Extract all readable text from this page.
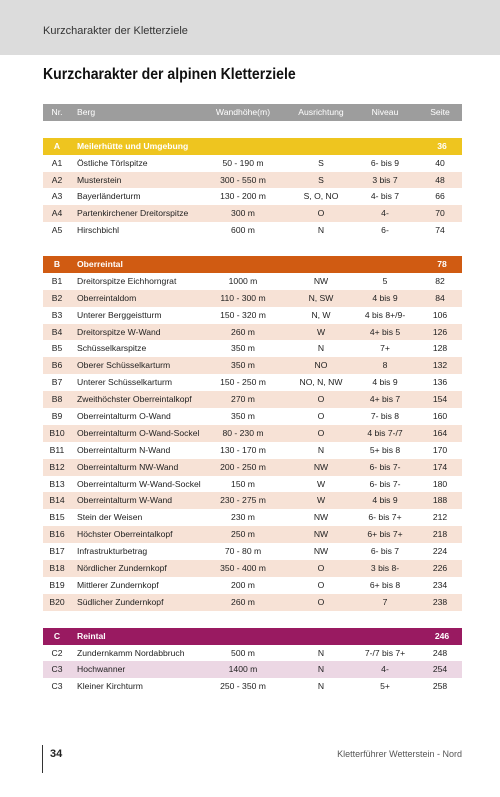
Kurzcharakter der Kletterziele
Kurzcharakter der alpinen Kletterziele
Nr.	Berg	Wandhöhe(m)	Ausrichtung	Niveau	Seite
A	Meilerhütte und Umgebung	36
A1	Östliche Törlspitze	50 - 190 m	S	6- bis 9	40
A2	Musterstein	300 - 550 m	S	3 bis 7	48
A3	Bayerländerturm	130 - 200 m	S, O, NO	4- bis 7	66
A4	Partenkirchener Dreitorspitze	300 m	O	4-	70
A5	Hirschbichl	600 m	N	6-	74
B	Oberreintal	78
B1	Dreitorspitze Eichhorngrat	1000 m	NW	5	82
B2	Oberreintaldom	110 - 300 m	N, SW	4 bis 9	84
B3	Unterer Berggeistturm	150 - 320 m	N, W	4 bis 8+/9-	106
B4	Dreitorspitze W-Wand	260 m	W	4+ bis 5	126
B5	Schüsselkarspitze	350 m	N	7+	128
B6	Oberer Schüsselkarturm	350 m	NO	8	132
B7	Unterer Schüsselkarturm	150 - 250 m	NO, N, NW	4 bis 9	136
B8	Zweithöchster Oberreintalkopf	270 m	O	4+ bis 7	154
B9	Oberreintalturm O-Wand	350 m	O	7- bis 8	160
B10	Oberreintalturm O-Wand-Sockel	80 - 230 m	O	4 bis 7-/7	164
B11	Oberreintalturm N-Wand	130 - 170 m	N	5+ bis 8	170
B12	Oberreintalturm NW-Wand	200 - 250 m	NW	6- bis 7-	174
B13	Oberreintalturm W-Wand-Sockel	150 m	W	6- bis 7-	180
B14	Oberreintalturm W-Wand	230 - 275 m	W	4 bis 9	188
B15	Stein der Weisen	230 m	NW	6- bis 7+	212
B16	Höchster Oberreintalkopf	250 m	NW	6+ bis 7+	218
B17	Infrastrukturbetrag	70 - 80 m	NW	6- bis 7	224
B18	Nördlicher Zundernkopf	350 - 400 m	O	3 bis 8-	226
B19	Mittlerer Zundernkopf	200 m	O	6+ bis 8	234
B20	Südlicher Zundernkopf	260 m	O	7	238
C	Reintal	246
C2	Zundernkamm Nordabbruch	500 m	N	7-/7 bis 7+	248
C3	Hochwanner	1400 m	N	4-	254
C3	Kleiner Kirchturm	250 - 350 m	N	5+	258
34	Kletterführer Wetterstein - Nord
